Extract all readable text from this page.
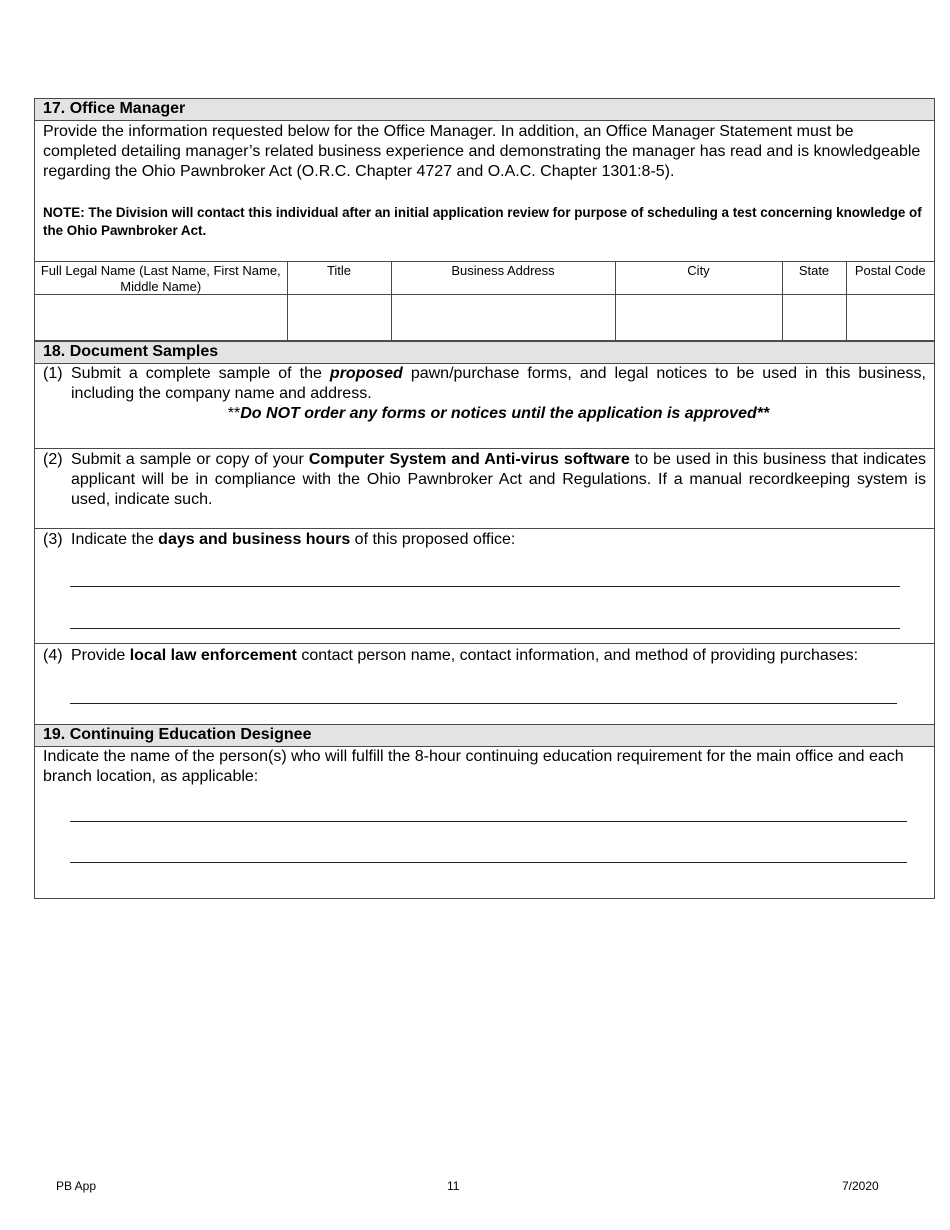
17. Office Manager
Provide the information requested below for the Office Manager. In addition, an Office Manager Statement must be completed detailing manager’s related business experience and demonstrating the manager has read and is knowledgeable regarding the Ohio Pawnbroker Act (O.R.C. Chapter 4727 and O.A.C. Chapter 1301:8-5).
NOTE: The Division will contact this individual after an initial application review for purpose of scheduling a test concerning knowledge of the Ohio Pawnbroker Act.
Full Legal Name (Last Name, First Name, Middle Name)	Title	Business Address	City	State	Postal Code

18. Document Samples
(1) Submit a complete sample of the proposed pawn/purchase forms, and legal notices to be used in this business, including the company name and address.
**Do NOT order any forms or notices until the application is approved**
(2) Submit a sample or copy of your Computer System and Anti-virus software to be used in this business that indicates applicant will be in compliance with the Ohio Pawnbroker Act and Regulations. If a manual recordkeeping system is used, indicate such.
(3) Indicate the days and business hours of this proposed office:
(4) Provide local law enforcement contact person name, contact information, and method of providing purchases:
19. Continuing Education Designee
Indicate the name of the person(s) who will fulfill the 8-hour continuing education requirement for the main office and each branch location, as applicable:
PB App	11	7/2020
